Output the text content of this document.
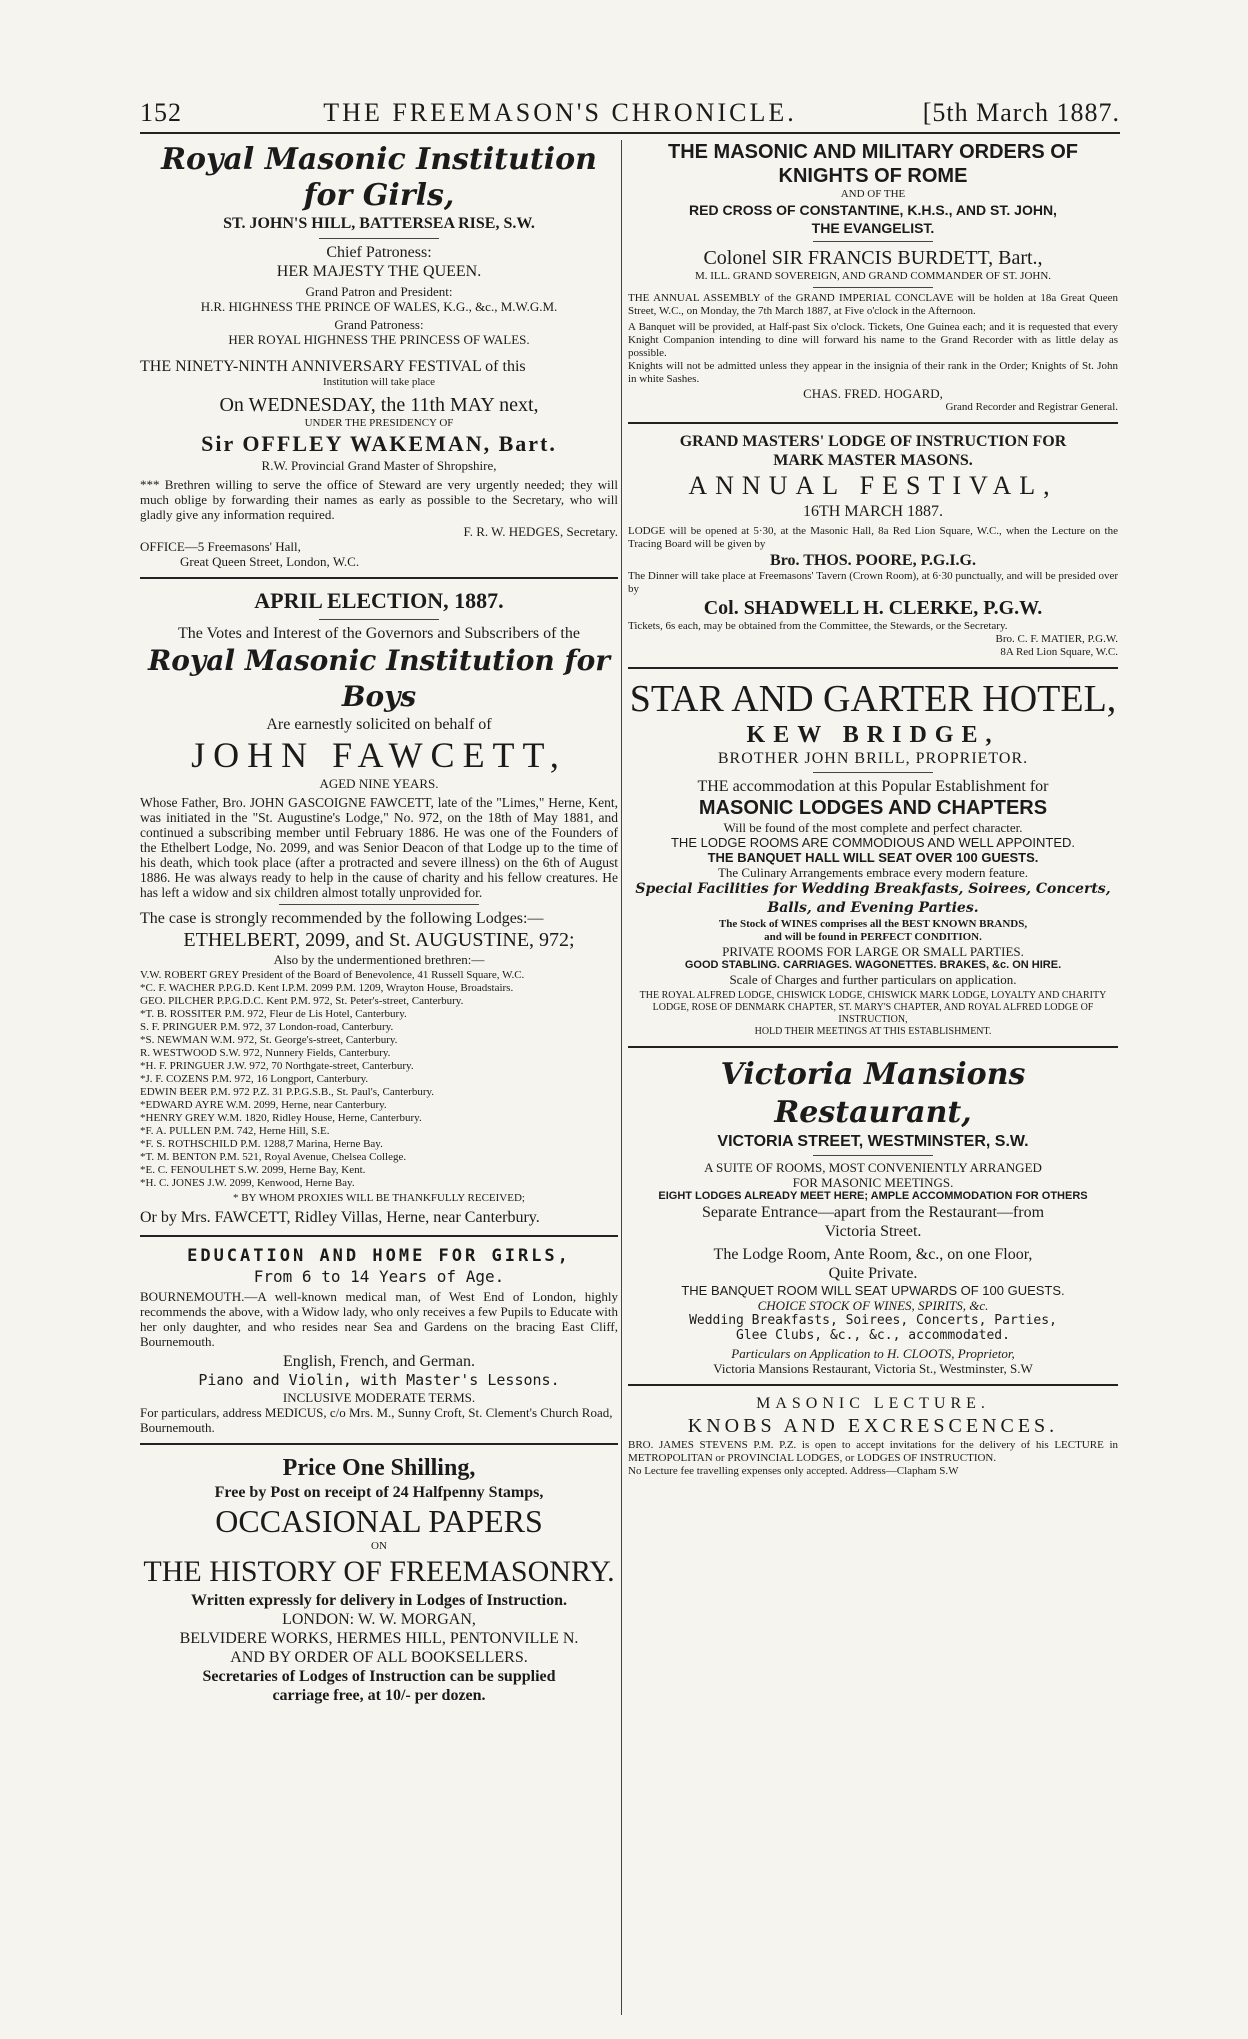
152	THE FREEMASON'S CHRONICLE.	[5th March 1887.

Royal Masonic Institution for Girls,

ST. JOHN'S HILL, BATTERSEA RISE, S.W.

Chief Patroness:

HER MAJESTY THE QUEEN.

Grand Patron and President:

H.R. HIGHNESS THE PRINCE OF WALES, K.G., &c., M.W.G.M.

Grand Patroness:

HER ROYAL HIGHNESS THE PRINCESS OF WALES.

THE NINETY-NINTH ANNIVERSARY FESTIVAL of this

Institution will take place

On WEDNESDAY, the 11th MAY next,

UNDER THE PRESIDENCY OF

Sir OFFLEY WAKEMAN, Bart.

R.W. Provincial Grand Master of Shropshire,

*** Brethren willing to serve the office of Steward are very urgently needed; they will much oblige by forwarding their names as early as possible to the Secretary, who will gladly give any information required.

F. R. W. HEDGES, Secretary.

OFFICE—5 Freemasons' Hall,

Great Queen Street, London, W.C.

APRIL ELECTION, 1887.

The Votes and Interest of the Governors and Subscribers of the

Royal Masonic Institution for Boys

Are earnestly solicited on behalf of

JOHN FAWCETT,

AGED NINE YEARS.

Whose Father, Bro. JOHN GASCOIGNE FAWCETT, late of the "Limes," Herne, Kent, was initiated in the "St. Augustine's Lodge," No. 972, on the 18th of May 1881, and continued a subscribing member until February 1886. He was one of the Founders of the Ethelbert Lodge, No. 2099, and was Senior Deacon of that Lodge up to the time of his death, which took place (after a protracted and severe illness) on the 6th of August 1886. He was always ready to help in the cause of charity and his fellow creatures. He has left a widow and six children almost totally unprovided for.

The case is strongly recommended by the following Lodges:—

ETHELBERT, 2099, and St. AUGUSTINE, 972;

Also by the undermentioned brethren:—

V.W. ROBERT GREY President of the Board of Benevolence, 41 Russell Square, W.C.

*C. F. WACHER P.P.G.D. Kent I.P.M. 2099 P.M. 1209, Wrayton House, Broadstairs.

GEO. PILCHER P.P.G.D.C. Kent P.M. 972, St. Peter's-street, Canterbury.

*T. B. ROSSITER P.M. 972, Fleur de Lis Hotel, Canterbury.

S. F. PRINGUER P.M. 972, 37 London-road, Canterbury.

*S. NEWMAN W.M. 972, St. George's-street, Canterbury.

R. WESTWOOD S.W. 972, Nunnery Fields, Canterbury.

*H. F. PRINGUER J.W. 972, 70 Northgate-street, Canterbury.

*J. F. COZENS P.M. 972, 16 Longport, Canterbury.

EDWIN BEER P.M. 972 P.Z. 31 P.P.G.S.B., St. Paul's, Canterbury.

*EDWARD AYRE W.M. 2099, Herne, near Canterbury.

*HENRY GREY W.M. 1820, Ridley House, Herne, Canterbury.

*F. A. PULLEN P.M. 742, Herne Hill, S.E.

*F. S. ROTHSCHILD P.M. 1288,7 Marina, Herne Bay.

*T. M. BENTON P.M. 521, Royal Avenue, Chelsea College.

*E. C. FENOULHET S.W. 2099, Herne Bay, Kent.

*H. C. JONES J.W. 2099, Kenwood, Herne Bay.

* BY WHOM PROXIES WILL BE THANKFULLY RECEIVED;

Or by Mrs. FAWCETT, Ridley Villas, Herne, near Canterbury.

EDUCATION AND HOME FOR GIRLS,

From 6 to 14 Years of Age.

BOURNEMOUTH.—A well-known medical man, of West End of London, highly recommends the above, with a Widow lady, who only receives a few Pupils to Educate with her only daughter, and who resides near Sea and Gardens on the bracing East Cliff, Bournemouth.

English, French, and German.

Piano and Violin, with Master's Lessons.

INCLUSIVE MODERATE TERMS.

For particulars, address MEDICUS, c/o Mrs. M., Sunny Croft, St. Clement's Church Road, Bournemouth.

Price One Shilling,

Free by Post on receipt of 24 Halfpenny Stamps,

OCCASIONAL PAPERS

ON

THE HISTORY OF FREEMASONRY.

Written expressly for delivery in Lodges of Instruction.

LONDON: W. W. MORGAN,

BELVIDERE WORKS, HERMES HILL, PENTONVILLE N.

AND BY ORDER OF ALL BOOKSELLERS.

Secretaries of Lodges of Instruction can be supplied

carriage free, at 10/- per dozen.

THE MASONIC AND MILITARY ORDERS OF

KNIGHTS OF ROME

AND OF THE

RED CROSS OF CONSTANTINE, K.H.S., AND ST. JOHN,

THE EVANGELIST.

Colonel SIR FRANCIS BURDETT, Bart.,

M. ILL. GRAND SOVEREIGN, AND GRAND COMMANDER OF ST. JOHN.

THE ANNUAL ASSEMBLY of the GRAND IMPERIAL CONCLAVE will be holden at 18a Great Queen Street, W.C., on Monday, the 7th March 1887, at Five o'clock in the Afternoon.

A Banquet will be provided, at Half-past Six o'clock. Tickets, One Guinea each; and it is requested that every Knight Companion intending to dine will forward his name to the Grand Recorder with as little delay as possible.

Knights will not be admitted unless they appear in the insignia of their rank in the Order; Knights of St. John in white Sashes.

CHAS. FRED. HOGARD,

Grand Recorder and Registrar General.

GRAND MASTERS' LODGE OF INSTRUCTION FOR

MARK MASTER MASONS.

ANNUAL FESTIVAL,

16TH MARCH 1887.

LODGE will be opened at 5·30, at the Masonic Hall, 8a Red Lion Square, W.C., when the Lecture on the Tracing Board will be given by

Bro. THOS. POORE, P.G.I.G.

The Dinner will take place at Freemasons' Tavern (Crown Room), at 6·30 punctually, and will be presided over by

Col. SHADWELL H. CLERKE, P.G.W.

Tickets, 6s each, may be obtained from the Committee, the Stewards, or the Secretary.

Bro. C. F. MATIER, P.G.W.

8A Red Lion Square, W.C.

STAR AND GARTER HOTEL,

KEW BRIDGE,

BROTHER JOHN BRILL, PROPRIETOR.

THE accommodation at this Popular Establishment for

MASONIC LODGES AND CHAPTERS

Will be found of the most complete and perfect character.

THE LODGE ROOMS ARE COMMODIOUS AND WELL APPOINTED.

THE BANQUET HALL WILL SEAT OVER 100 GUESTS.

The Culinary Arrangements embrace every modern feature.

Special Facilities for Wedding Breakfasts, Soirees, Concerts,

Balls, and Evening Parties.

The Stock of WINES comprises all the BEST KNOWN BRANDS,

and will be found in PERFECT CONDITION.

PRIVATE ROOMS FOR LARGE OR SMALL PARTIES.

GOOD STABLING. CARRIAGES. WAGONETTES. BRAKES, &c. ON HIRE.

Scale of Charges and further particulars on application.

THE ROYAL ALFRED LODGE, CHISWICK LODGE, CHISWICK MARK LODGE, LOYALTY AND CHARITY LODGE, ROSE OF DENMARK CHAPTER, ST. MARY'S CHAPTER, AND ROYAL ALFRED LODGE OF INSTRUCTION,

HOLD THEIR MEETINGS AT THIS ESTABLISHMENT.

Victoria Mansions Restaurant,

VICTORIA STREET, WESTMINSTER, S.W.

A SUITE OF ROOMS, MOST CONVENIENTLY ARRANGED

FOR MASONIC MEETINGS.

EIGHT LODGES ALREADY MEET HERE; AMPLE ACCOMMODATION FOR OTHERS

Separate Entrance—apart from the Restaurant—from

Victoria Street.

The Lodge Room, Ante Room, &c., on one Floor,

Quite Private.

THE BANQUET ROOM WILL SEAT UPWARDS OF 100 GUESTS.

CHOICE STOCK OF WINES, SPIRITS, &c.

Wedding Breakfasts, Soirees, Concerts, Parties,

Glee Clubs, &c., &c., accommodated.

Particulars on Application to H. CLOOTS, Proprietor,

Victoria Mansions Restaurant, Victoria St., Westminster, S.W

MASONIC LECTURE.

KNOBS AND EXCRESCENCES.

BRO. JAMES STEVENS P.M. P.Z. is open to accept invitations for the delivery of his LECTURE in METROPOLITAN or PROVINCIAL LODGES, or LODGES OF INSTRUCTION.

No Lecture fee travelling expenses only accepted. Address—Clapham S.W
